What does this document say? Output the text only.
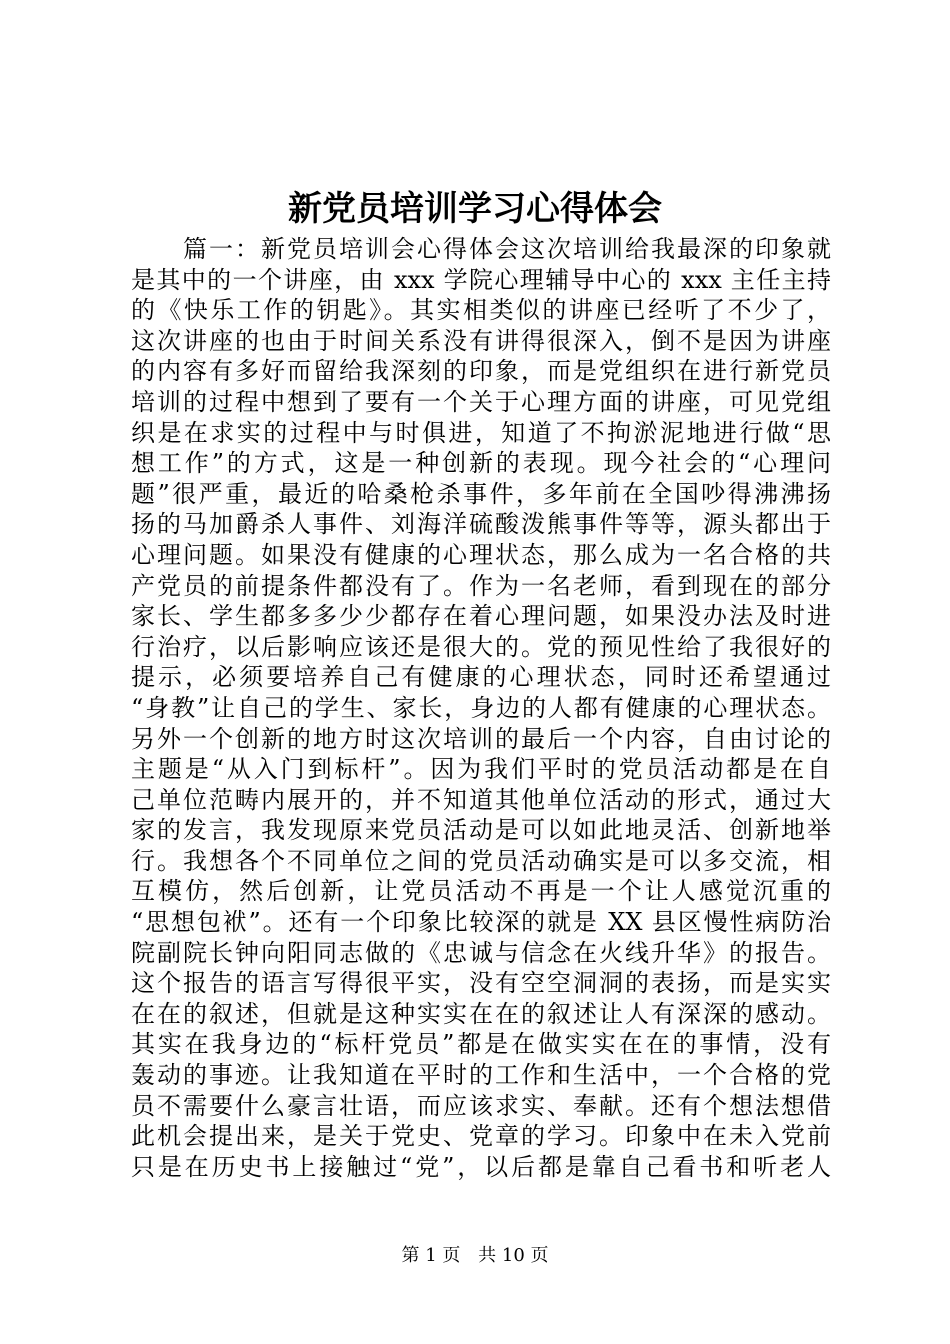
新党员培训学习心得体会
篇一：新党员培训会心得体会这次培训给我最深的印象就
是其中的一个讲座，由 xxx 学院心理辅导中心的 xxx 主任主持
的《快乐工作的钥匙》。其实相类似的讲座已经听了不少了，
这次讲座的也由于时间关系没有讲得很深入，倒不是因为讲座
的内容有多好而留给我深刻的印象，而是党组织在进行新党员
培训的过程中想到了要有一个关于心理方面的讲座，可见党组
织是在求实的过程中与时俱进，知道了不拘淤泥地进行做“思
想工作”的方式，这是一种创新的表现。现今社会的“心理问
题”很严重，最近的哈桑枪杀事件，多年前在全国吵得沸沸扬
扬的马加爵杀人事件、刘海洋硫酸泼熊事件等等，源头都出于
心理问题。如果没有健康的心理状态，那么成为一名合格的共
产党员的前提条件都没有了。作为一名老师，看到现在的部分
家长、学生都多多少少都存在着心理问题，如果没办法及时进
行治疗，以后影响应该还是很大的。党的预见性给了我很好的
提示，必须要培养自己有健康的心理状态，同时还希望通过
“身教”让自己的学生、家长，身边的人都有健康的心理状态。
另外一个创新的地方时这次培训的最后一个内容，自由讨论的
主题是“从入门到标杆”。因为我们平时的党员活动都是在自
己单位范畴内展开的，并不知道其他单位活动的形式，通过大
家的发言，我发现原来党员活动是可以如此地灵活、创新地举
行。我想各个不同单位之间的党员活动确实是可以多交流，相
互模仿，然后创新，让党员活动不再是一个让人感觉沉重的
“思想包袱”。还有一个印象比较深的就是 XX 县区慢性病防治
院副院长钟向阳同志做的《忠诚与信念在火线升华》的报告。
这个报告的语言写得很平实，没有空空洞洞的表扬，而是实实
在在的叙述，但就是这种实实在在的叙述让人有深深的感动。
其实在我身边的“标杆党员”都是在做实实在在的事情，没有
轰动的事迹。让我知道在平时的工作和生活中，一个合格的党
员不需要什么豪言壮语，而应该求实、奉献。还有个想法想借
此机会提出来，是关于党史、党章的学习。印象中在未入党前
只是在历史书上接触过“党”，以后都是靠自己看书和听老人
第 1 页 共 10 页
